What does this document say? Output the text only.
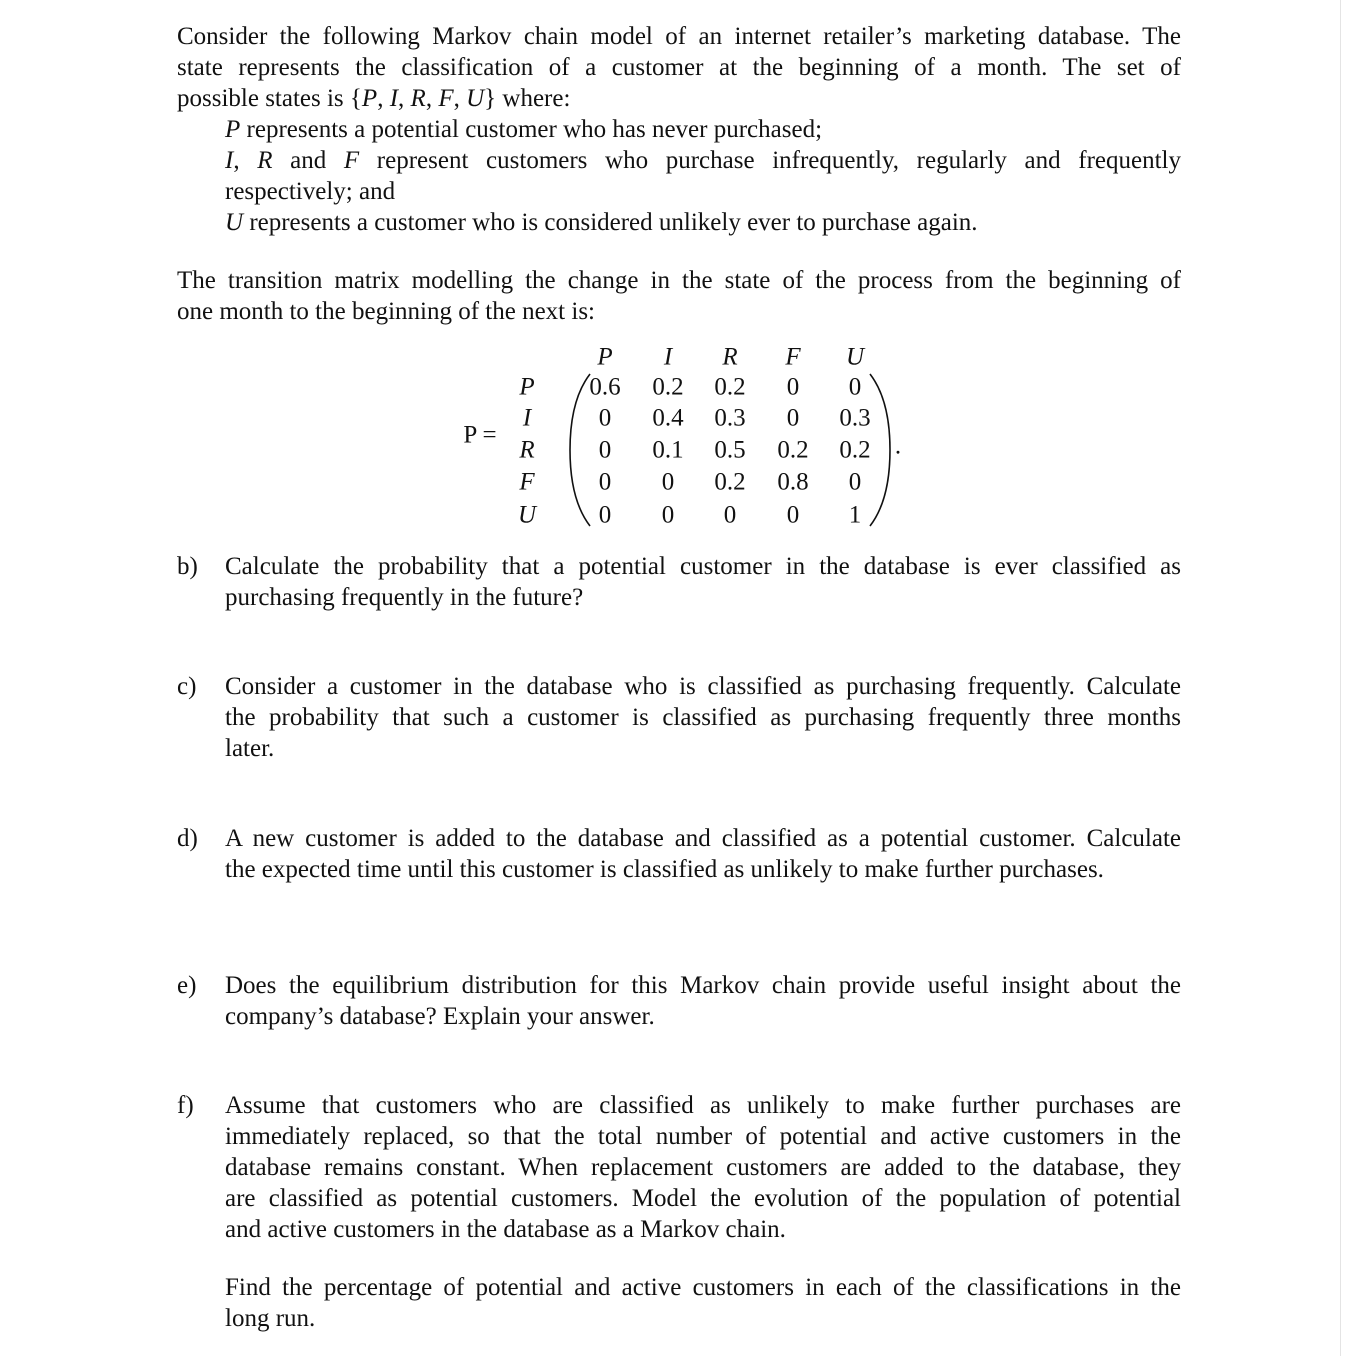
Consider the following Markov chain model of an internet retailer’s marketing database. The
state represents the classification of a customer at the beginning of a month. The set of
possible states is {P, I, R, F, U} where:
P represents a potential customer who has never purchased;
I, R and F represent customers who purchase infrequently, regularly and frequently
respectively; and
U represents a customer who is considered unlikely ever to purchase again.
The transition matrix modelling the change in the state of the process from the beginning of
one month to the beginning of the next is:
P =	.
P	I	R	F	U
P	0.6	0.2	0.2	0	0
I	0	0.4	0.3	0	0.3
R	0	0.1	0.5	0.2	0.2
F	0	0	0.2	0.8	0
U	0	0	0	0	1
b) Calculate the probability that a potential customer in the database is ever classified as
purchasing frequently in the future?
c) Consider a customer in the database who is classified as purchasing frequently. Calculate
the probability that such a customer is classified as purchasing frequently three months
later.
d) A new customer is added to the database and classified as a potential customer. Calculate
the expected time until this customer is classified as unlikely to make further purchases.
e) Does the equilibrium distribution for this Markov chain provide useful insight about the
company’s database? Explain your answer.
f) Assume that customers who are classified as unlikely to make further purchases are
immediately replaced, so that the total number of potential and active customers in the
database remains constant. When replacement customers are added to the database, they
are classified as potential customers. Model the evolution of the population of potential
and active customers in the database as a Markov chain.
Find the percentage of potential and active customers in each of the classifications in the
long run.
